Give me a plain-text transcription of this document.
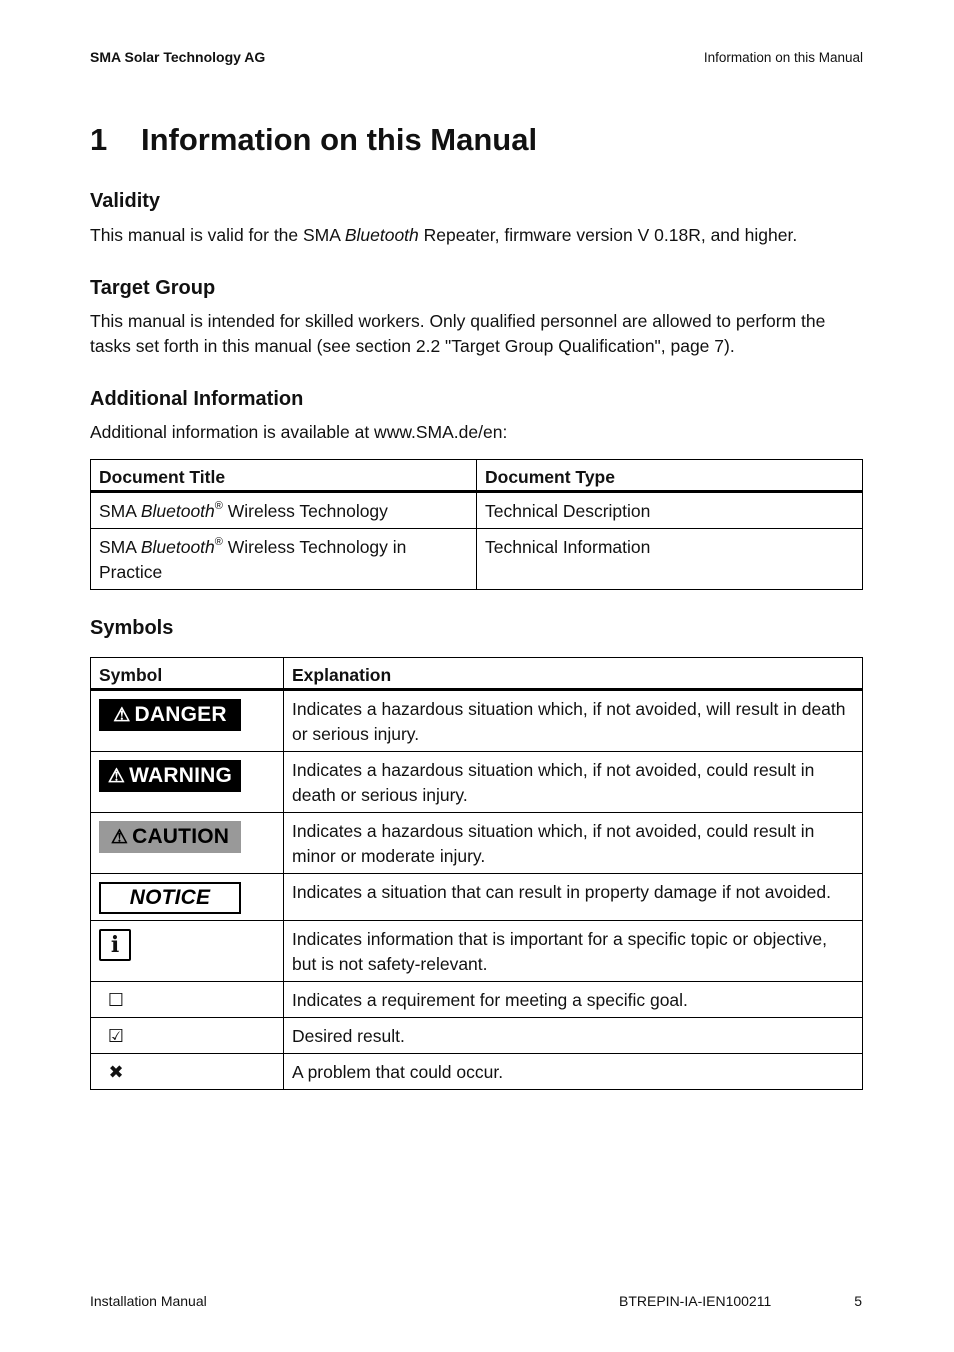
SMA Solar Technology AG	Information on this Manual
1 Information on this Manual
Validity

This manual is valid for the SMA Bluetooth Repeater, firmware version V 0.18R, and higher.

Target Group

This manual is intended for skilled workers. Only qualified personnel are allowed to perform the tasks set forth in this manual (see section 2.2 "Target Group Qualification", page 7).

Additional Information

Additional information is available at www.SMA.de/en:

Document Title	Document Type
SMA Bluetooth® Wireless Technology	Technical Description
SMA Bluetooth® Wireless Technology in Practice	Technical Information
Symbols
Symbol	Explanation
⚠ DANGER	Indicates a hazardous situation which, if not avoided, will result in death or serious injury.
⚠ WARNING	Indicates a hazardous situation which, if not avoided, could result in death or serious injury.
⚠ CAUTION	Indicates a hazardous situation which, if not avoided, could result in minor or moderate injury.
NOTICE	Indicates a situation that can result in property damage if not avoided.
i	Indicates information that is important for a specific topic or objective, but is not safety-relevant.
☐	Indicates a requirement for meeting a specific goal.
☑	Desired result.
✖	A problem that could occur.
Installation Manual	BTREPIN-IA-IEN100211	5
